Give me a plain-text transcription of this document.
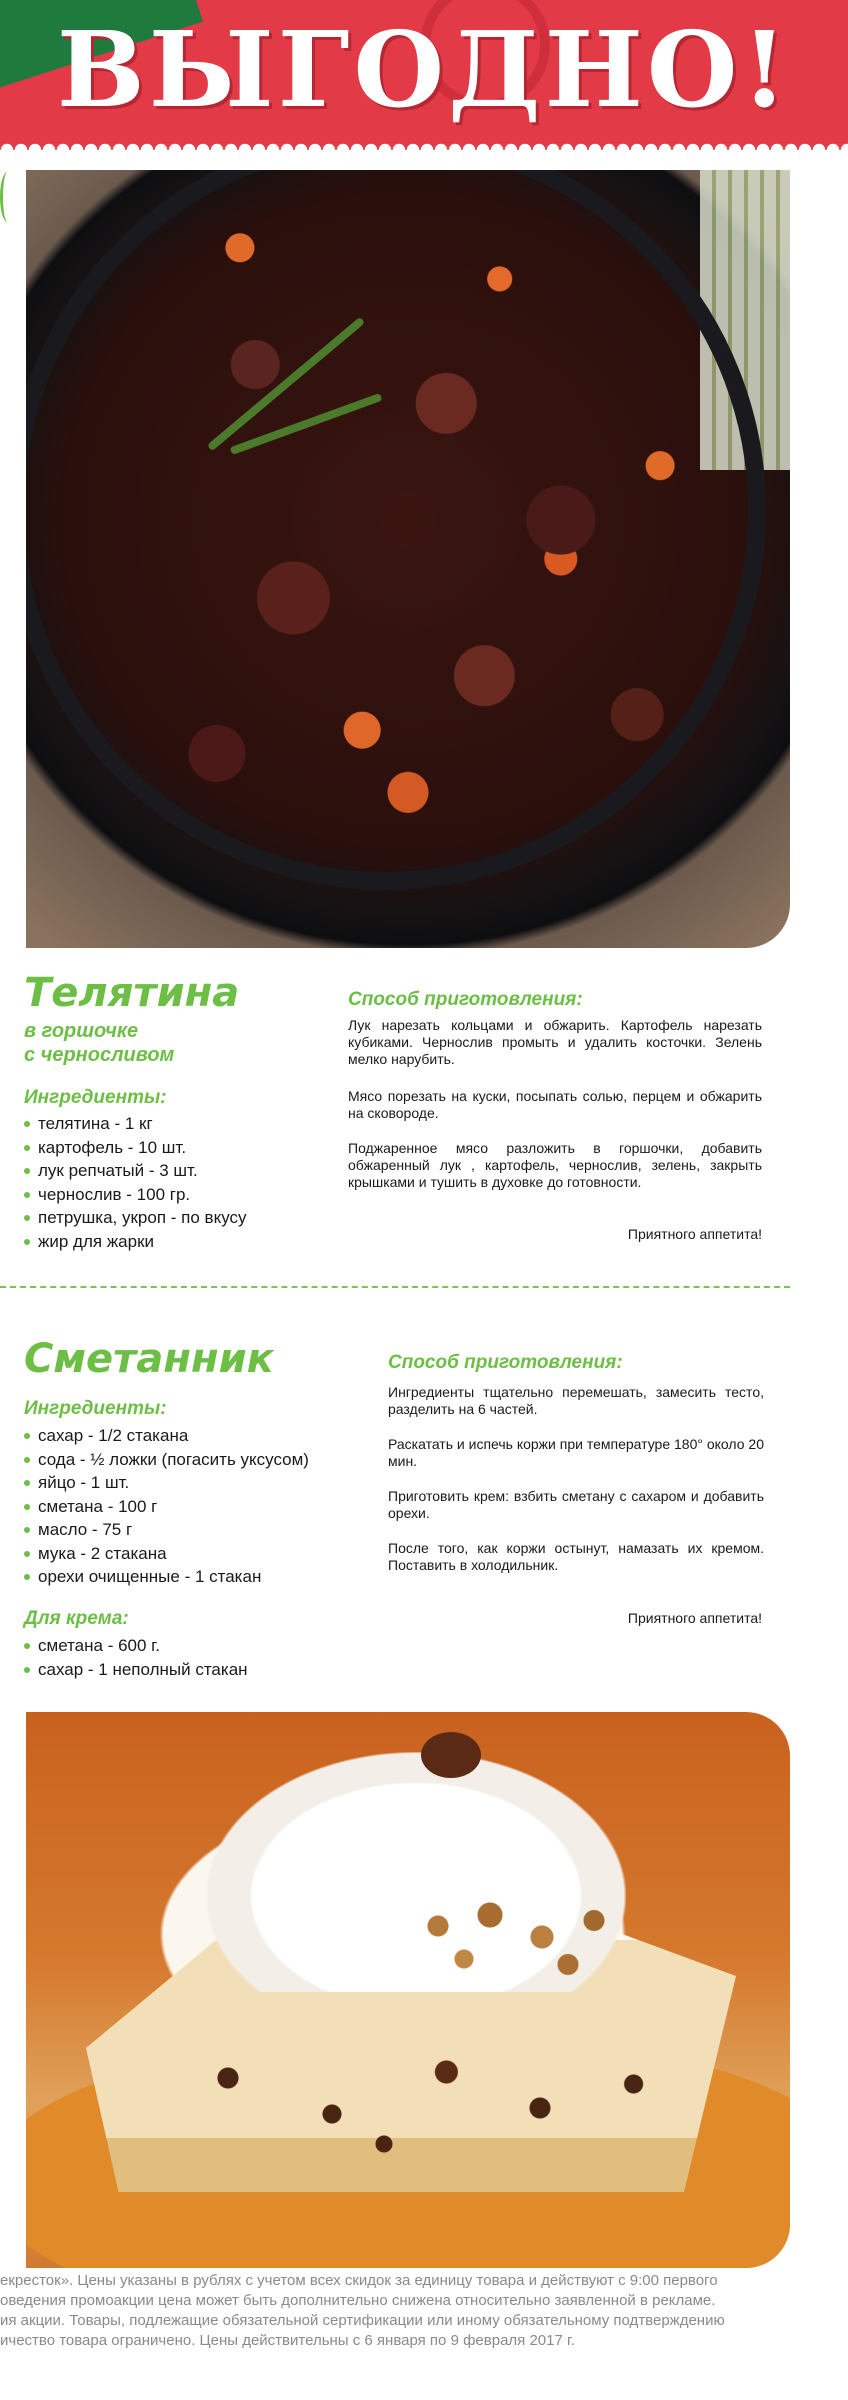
ВЫГОДНО!
Телятина

в горшочке

с черносливом

Ингредиенты:

телятина - 1 кг
картофель - 10 шт.
лук репчатый - 3 шт.
чернослив - 100 гр.
петрушка, укроп - по вкусу
жир для жарки

Способ приготовления:

Лук нарезать кольцами и обжарить. Картофель нарезать кубиками. Чернослив промыть и удалить косточки. Зелень мелко нарубить.

Мясо порезать на куски, посыпать солью, перцем и обжарить на сковороде.

Поджаренное мясо разложить в горшочки, добавить обжаренный лук , картофель, чернослив, зелень, закрыть крышками и тушить в духовке до готовности.

Приятного аппетита!

Сметанник

Ингредиенты:

сахар - 1/2 стакана
сода - ½ ложки (погасить уксусом)
яйцо - 1 шт.
сметана - 100 г
масло - 75 г
мука - 2 стакана
орехи очищенные - 1 стакан

Для крема:

сметана - 600 г.
сахар - 1 неполный стакан

Способ приготовления:

Ингредиенты тщательно перемешать, замесить тесто, разделить на 6 частей.

Раскатать и испечь коржи при температуре 180° около 20 мин.

Приготовить крем: взбить сметану с сахаром и добавить орехи.

После того, как коржи остынут, намазать их кремом. Поставить в холодильник.

Приятного аппетита!

екресток». Цены указаны в рублях с учетом всех скидок за единицу товара и действуют с 9:00 первого
оведения промоакции цена может быть дополнительно снижена относительно заявленной в рекламе.
ия акции. Товары, подлежащие обязательной сертификации или иному обязательному подтверждению
ичество товара ограничено. Цены действительны с 6 января по 9 февраля 2017 г.
